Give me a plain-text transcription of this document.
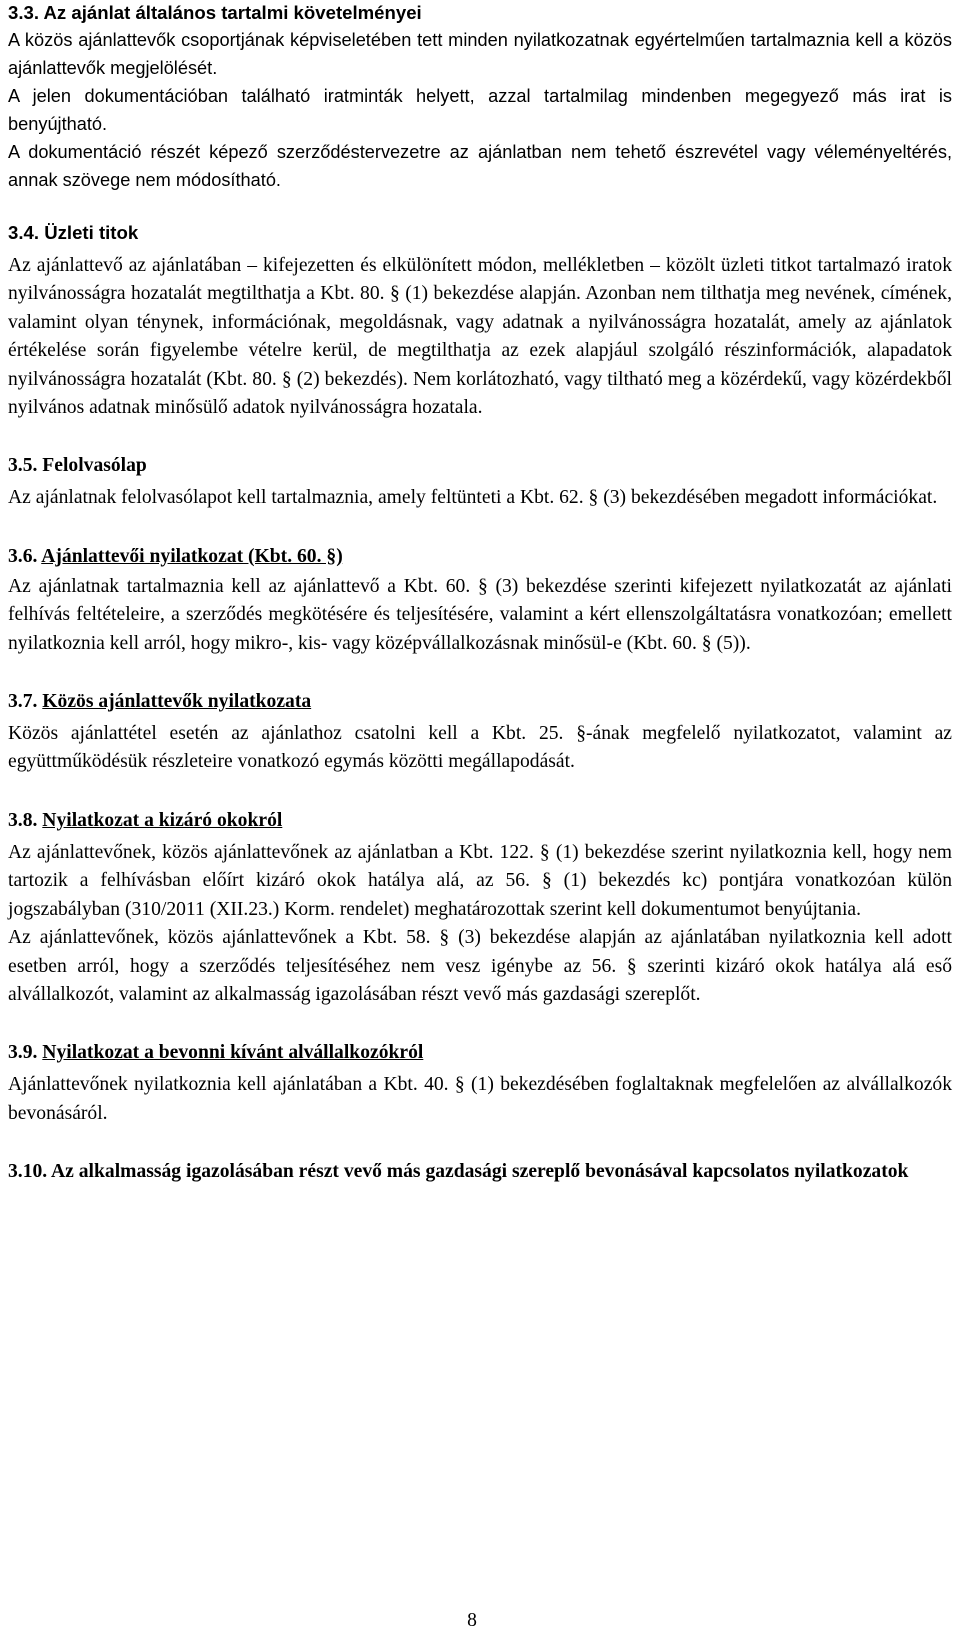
3.3. Az ajánlat általános tartalmi követelményei

A közös ajánlattevők csoportjának képviseletében tett minden nyilatkozatnak egyértelműen tartalmaznia kell a közös ajánlattevők megjelölését.

A jelen dokumentációban található iratminták helyett, azzal tartalmilag mindenben megegyező más irat is benyújtható.

A dokumentáció részét képező szerződéstervezetre az ajánlatban nem tehető észrevétel vagy véleményeltérés, annak szövege nem módosítható.

3.4. Üzleti titok

Az ajánlattevő az ajánlatában – kifejezetten és elkülönített módon, mellékletben – közölt üzleti titkot tartalmazó iratok nyilvánosságra hozatalát megtilthatja a Kbt. 80. § (1) bekezdése alapján. Azonban nem tilthatja meg nevének, címének, valamint olyan ténynek, információnak, megoldásnak, vagy adatnak a nyilvánosságra hozatalát, amely az ajánlatok értékelése során figyelembe vételre kerül, de megtilthatja az ezek alapjául szolgáló részinformációk, alapadatok nyilvánosságra hozatalát (Kbt. 80. § (2) bekezdés). Nem korlátozható, vagy tiltható meg a közérdekű, vagy közérdekből nyilvános adatnak minősülő adatok nyilvánosságra hozatala.

3.5. Felolvasólap

Az ajánlatnak felolvasólapot kell tartalmaznia, amely feltünteti a Kbt. 62. § (3) bekezdésében megadott információkat.

3.6. Ajánlattevői nyilatkozat (Kbt. 60. §)

Az ajánlatnak tartalmaznia kell az ajánlattevő a Kbt. 60. § (3) bekezdése szerinti kifejezett nyilatkozatát az ajánlati felhívás feltételeire, a szerződés megkötésére és teljesítésére, valamint a kért ellenszolgáltatásra vonatkozóan; emellett nyilatkoznia kell arról, hogy mikro-, kis- vagy középvállalkozásnak minősül-e (Kbt. 60. § (5)).

3.7. Közös ajánlattevők nyilatkozata

Közös ajánlattétel esetén az ajánlathoz csatolni kell a Kbt. 25. §-ának megfelelő nyilatkozatot, valamint az együttműködésük részleteire vonatkozó egymás közötti megállapodását.

3.8. Nyilatkozat a kizáró okokról

Az ajánlattevőnek, közös ajánlattevőnek az ajánlatban a Kbt. 122. § (1) bekezdése szerint nyilatkoznia kell, hogy nem tartozik a felhívásban előírt kizáró okok hatálya alá, az 56. § (1) bekezdés kc) pontjára vonatkozóan külön jogszabályban (310/2011 (XII.23.) Korm. rendelet) meghatározottak szerint kell dokumentumot benyújtania.

Az ajánlattevőnek, közös ajánlattevőnek a Kbt. 58. § (3) bekezdése alapján az ajánlatában nyilatkoznia kell adott esetben arról, hogy a szerződés teljesítéséhez nem vesz igénybe az 56. § szerinti kizáró okok hatálya alá eső alvállalkozót, valamint az alkalmasság igazolásában részt vevő más gazdasági szereplőt.

3.9. Nyilatkozat a bevonni kívánt alvállalkozókról

Ajánlattevőnek nyilatkoznia kell ajánlatában a Kbt. 40. § (1) bekezdésében foglaltaknak megfelelően az alvállalkozók bevonásáról.

3.10. Az alkalmasság igazolásában részt vevő más gazdasági szereplő bevonásával kapcsolatos nyilatkozatok
8
